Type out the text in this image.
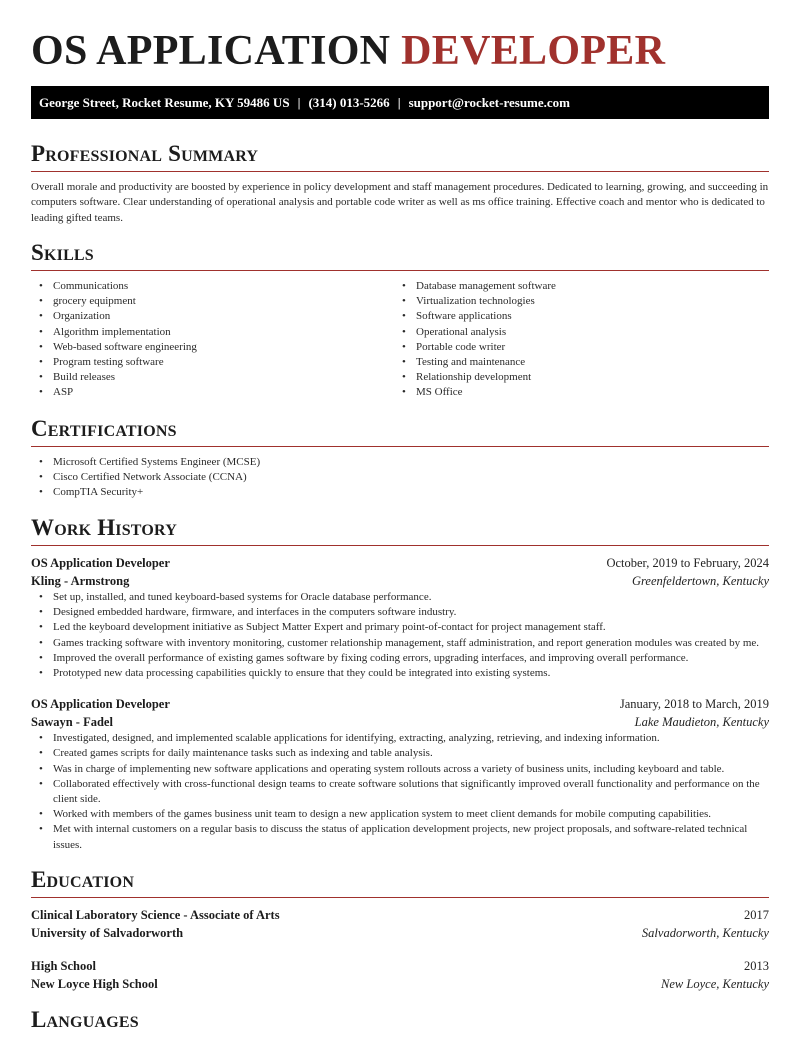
OS APPLICATION DEVELOPER
George Street, Rocket Resume, KY 59486 US | (314) 013-5266 | support@rocket-resume.com
Professional Summary

Overall morale and productivity are boosted by experience in policy development and staff management procedures. Dedicated to learning, growing, and succeeding in computers software. Clear understanding of operational analysis and portable code writer as well as ms office training. Effective coach and mentor who is dedicated to leading gifted teams.

Skills
• Communications
• grocery equipment
• Organization
• Algorithm implementation
• Web-based software engineering
• Program testing software
• Build releases
• ASP
• Database management software
• Virtualization technologies
• Software applications
• Operational analysis
• Portable code writer
• Testing and maintenance
• Relationship development
• MS Office
Certifications
• Microsoft Certified Systems Engineer (MCSE)
• Cisco Certified Network Associate (CCNA)
• CompTIA Security+
Work History
OS Application Developer	October, 2019 to February, 2024
Kling - Armstrong	Greenfeldertown, Kentucky
• Set up, installed, and tuned keyboard-based systems for Oracle database performance.
• Designed embedded hardware, firmware, and interfaces in the computers software industry.
• Led the keyboard development initiative as Subject Matter Expert and primary point-of-contact for project management staff.
• Games tracking software with inventory monitoring, customer relationship management, staff administration, and report generation modules was created by me.
• Improved the overall performance of existing games software by fixing coding errors, upgrading interfaces, and improving overall performance.
• Prototyped new data processing capabilities quickly to ensure that they could be integrated into existing systems.
OS Application Developer	January, 2018 to March, 2019
Sawayn - Fadel	Lake Maudieton, Kentucky
• Investigated, designed, and implemented scalable applications for identifying, extracting, analyzing, retrieving, and indexing information.
• Created games scripts for daily maintenance tasks such as indexing and table analysis.
• Was in charge of implementing new software applications and operating system rollouts across a variety of business units, including keyboard and table.
• Collaborated effectively with cross-functional design teams to create software solutions that significantly improved overall functionality and performance on the client side.
• Worked with members of the games business unit team to design a new application system to meet client demands for mobile computing capabilities.
• Met with internal customers on a regular basis to discuss the status of application development projects, new project proposals, and software-related technical issues.
Education
Clinical Laboratory Science - Associate of Arts	2017
University of Salvadorworth	Salvadorworth, Kentucky
High School	2013
New Loyce High School	New Loyce, Kentucky
Languages
